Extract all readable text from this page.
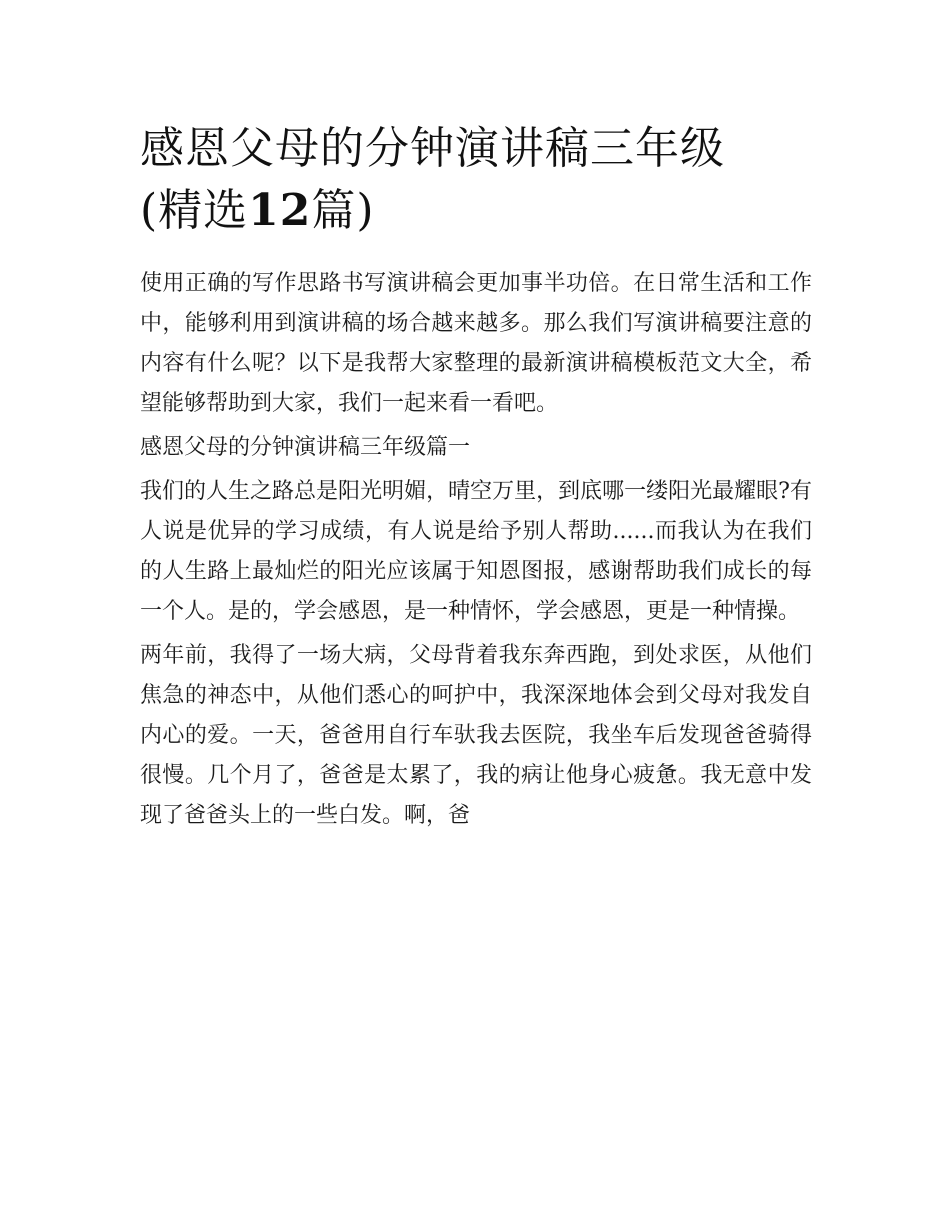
感恩父母的分钟演讲稿三年级
(精选12篇)

使用正确的写作思路书写演讲稿会更加事半功倍。在日常生活和工作中，能够利用到演讲稿的场合越来越多。那么我们写演讲稿要注意的内容有什么呢？以下是我帮大家整理的最新演讲稿模板范文大全，希望能够帮助到大家，我们一起来看一看吧。

感恩父母的分钟演讲稿三年级篇一

我们的人生之路总是阳光明媚，晴空万里，到底哪一缕阳光最耀眼?有人说是优异的学习成绩，有人说是给予别人帮助......而我认为在我们的人生路上最灿烂的阳光应该属于知恩图报，感谢帮助我们成长的每一个人。是的，学会感恩，是一种情怀，学会感恩，更是一种情操。

两年前，我得了一场大病，父母背着我东奔西跑，到处求医，从他们焦急的神态中，从他们悉心的呵护中，我深深地体会到父母对我发自内心的爱。一天，爸爸用自行车驮我去医院，我坐车后发现爸爸骑得很慢。几个月了，爸爸是太累了，我的病让他身心疲惫。我无意中发现了爸爸头上的一些白发。啊，爸
